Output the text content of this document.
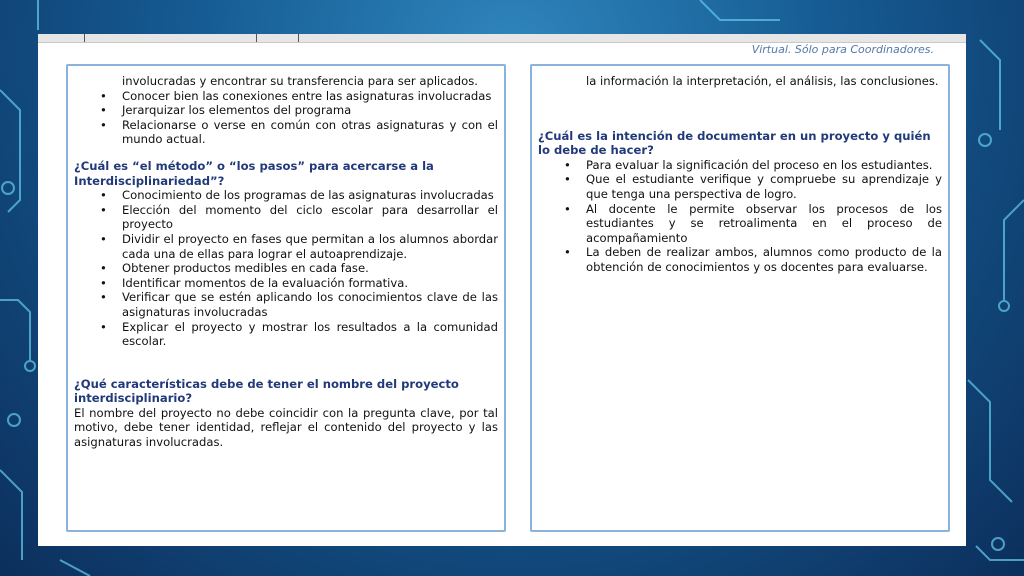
Virtual. Sólo para Coordinadores.
involucradas y encontrar su transferencia para ser aplicados.
• Conocer bien las conexiones entre las asignaturas involucradas
• Jerarquizar los elementos del programa
• Relacionarse o verse en común con otras asignaturas y con el mundo actual.
¿Cuál es “el método” o “los pasos” para acercarse a la Interdisciplinariedad”?
• Conocimiento de los programas de las asignaturas involucradas
• Elección del momento del ciclo escolar para desarrollar el proyecto
• Dividir el proyecto en fases que permitan a los alumnos abordar cada una de ellas para lograr el autoaprendizaje.
• Obtener productos medibles en cada fase.
• Identificar momentos de la evaluación formativa.
• Verificar que se estén aplicando los conocimientos clave de las asignaturas involucradas
• Explicar el proyecto y mostrar los resultados a la comunidad escolar.
¿Qué características debe de tener el nombre del proyecto interdisciplinario?
El nombre del proyecto no debe coincidir con la pregunta clave, por tal motivo, debe tener identidad, reflejar el contenido del proyecto y las asignaturas involucradas.
la información la interpretación, el análisis, las conclusiones.
¿Cuál es la intención de documentar en un proyecto y quién lo debe de hacer?
• Para evaluar la significación del proceso en los estudiantes.
• Que el estudiante verifique y compruebe su aprendizaje y que tenga una perspectiva de logro.
• Al docente le permite observar los procesos de los estudiantes y se retroalimenta en el proceso de acompañamiento
• La deben de realizar ambos, alumnos como producto de la obtención de conocimientos y os docentes para evaluarse.
